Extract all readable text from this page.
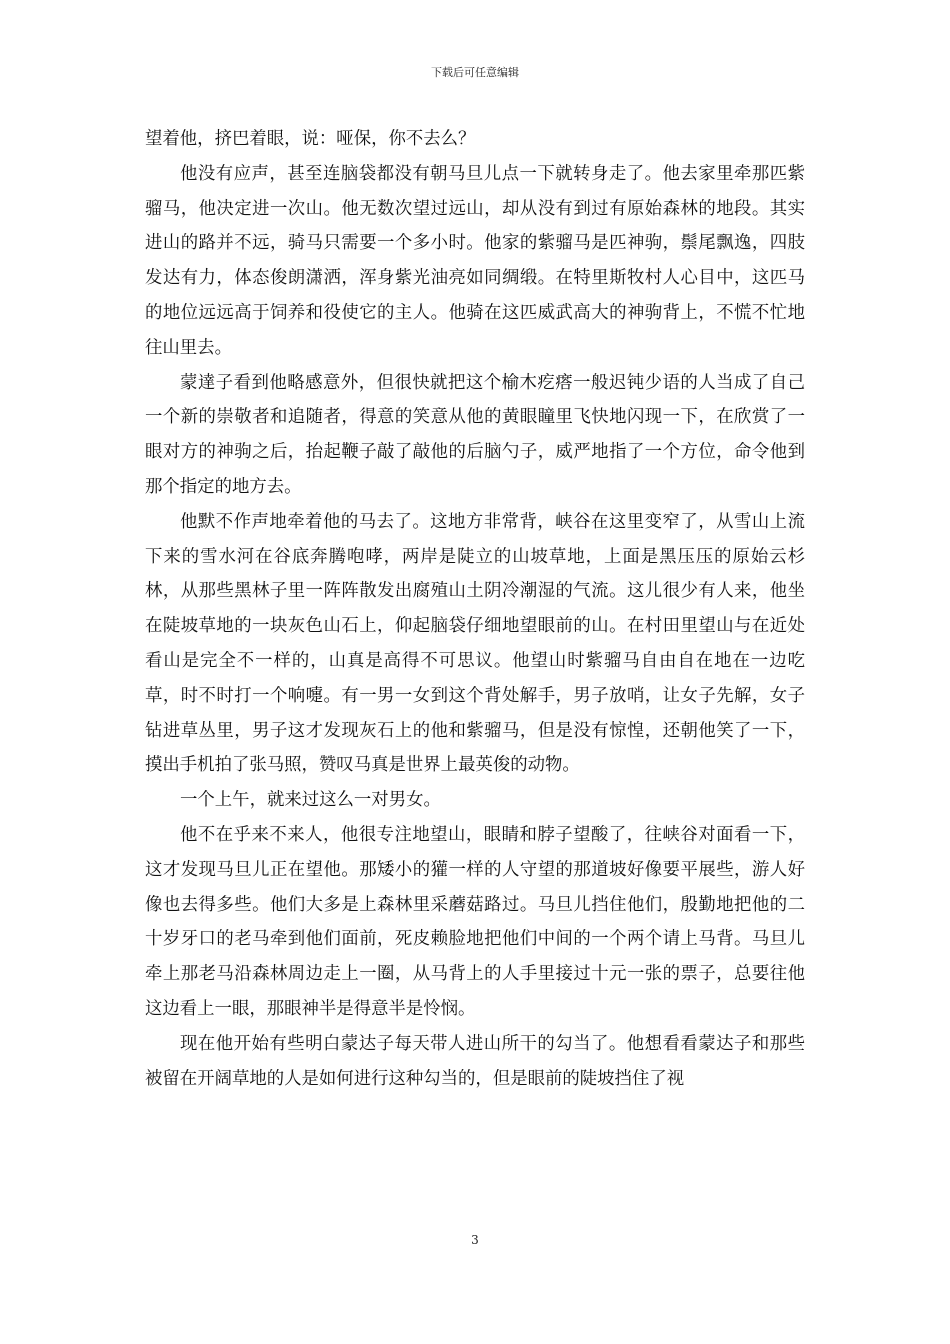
下载后可任意编辑

望着他，挤巴着眼，说：哑保，你不去么？

他没有应声，甚至连脑袋都没有朝马旦儿点一下就转身走了。他去家里牵那匹紫骝马，他决定进一次山。他无数次望过远山，却从没有到过有原始森林的地段。其实进山的路并不远，骑马只需要一个多小时。他家的紫骝马是匹神驹，鬃尾飘逸，四肢发达有力，体态俊朗潇洒，浑身紫光油亮如同绸缎。在特里斯牧村人心目中，这匹马的地位远远高于饲养和役使它的主人。他骑在这匹威武高大的神驹背上，不慌不忙地往山里去。

蒙達子看到他略感意外，但很快就把这个榆木疙瘩一般迟钝少语的人当成了自己一个新的崇敬者和追随者，得意的笑意从他的黄眼瞳里飞快地闪现一下，在欣赏了一眼对方的神驹之后，抬起鞭子敲了敲他的后脑勺子，威严地指了一个方位，命令他到那个指定的地方去。

他默不作声地牵着他的马去了。这地方非常背，峡谷在这里变窄了，从雪山上流下来的雪水河在谷底奔腾咆哮，两岸是陡立的山坡草地，上面是黑压压的原始云杉林，从那些黑林子里一阵阵散发出腐殖山土阴冷潮湿的气流。这儿很少有人来，他坐在陡坡草地的一块灰色山石上，仰起脑袋仔细地望眼前的山。在村田里望山与在近处看山是完全不一样的，山真是高得不可思议。他望山时紫骝马自由自在地在一边吃草，时不时打一个响嚏。有一男一女到这个背处解手，男子放哨，让女子先解，女子钻进草丛里，男子这才发现灰石上的他和紫骝马，但是没有惊惶，还朝他笑了一下，摸出手机拍了张马照，赞叹马真是世界上最英俊的动物。

一个上午，就来过这么一对男女。

他不在乎来不来人，他很专注地望山，眼睛和脖子望酸了，往峡谷对面看一下，这才发现马旦儿正在望他。那矮小的獾一样的人守望的那道坡好像要平展些，游人好像也去得多些。他们大多是上森林里采蘑菇路过。马旦儿挡住他们，殷勤地把他的二十岁牙口的老马牵到他们面前，死皮赖脸地把他们中间的一个两个请上马背。马旦儿牵上那老马沿森林周边走上一圈，从马背上的人手里接过十元一张的票子，总要往他这边看上一眼，那眼神半是得意半是怜悯。

现在他开始有些明白蒙达子每天带人进山所干的勾当了。他想看看蒙达子和那些被留在开阔草地的人是如何进行这种勾当的，但是眼前的陡坡挡住了视

3
